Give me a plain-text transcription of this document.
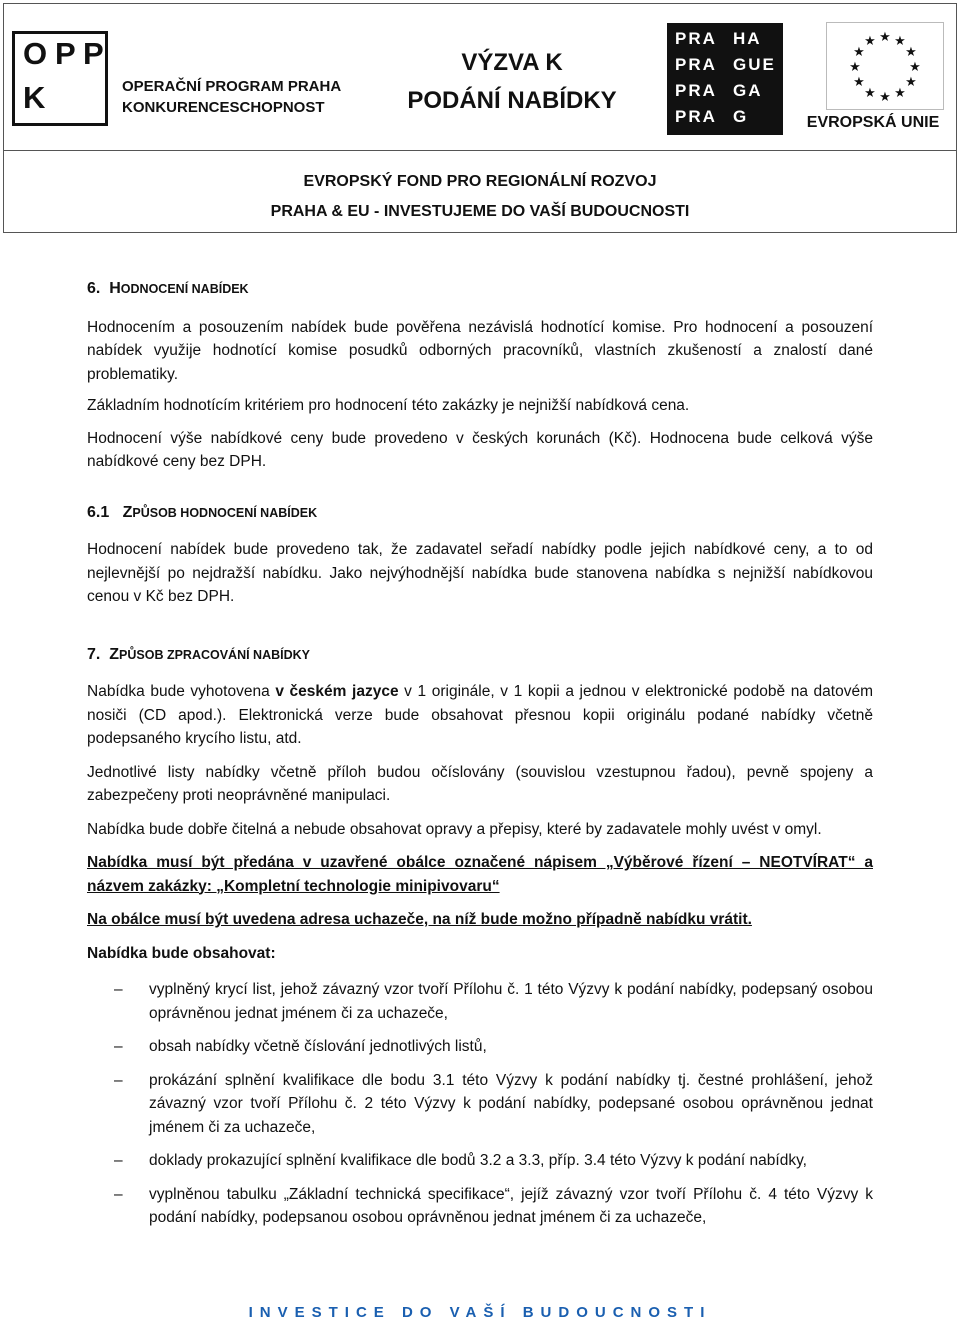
O P P
K	OPERAČNÍ PROGRAM PRAHA
KONKURENCESCHOPNOST
VÝZVA K
PODÁNÍ NABÍDKY
PRA HA
PRA GUE
PRA GA
PRA G
★ ★
★
★
★
★
★
★
★
★
★
★
EVROPSKÁ UNIE
EVROPSKÝ FOND PRO REGIONÁLNÍ ROZVOJ
PRAHA & EU - INVESTUJEME DO VAŠÍ BUDOUCNOSTI
6. HODNOCENÍ NABÍDEK

Hodnocením a posouzením nabídek bude pověřena nezávislá hodnotící komise. Pro hodnocení a posouzení nabídek využije hodnotící komise posudků odborných pracovníků, vlastních zkušeností a znalostí dané problematiky.

Základním hodnotícím kritériem pro hodnocení této zakázky je nejnižší nabídková cena.

Hodnocení výše nabídkové ceny bude provedeno v českých korunách (Kč). Hodnocena bude celková výše nabídkové ceny bez DPH.

6.1 ZPŮSOB HODNOCENÍ NABÍDEK

Hodnocení nabídek bude provedeno tak, že zadavatel seřadí nabídky podle jejich nabídkové ceny, a to od nejlevnější po nejdražší nabídku. Jako nejvýhodnější nabídka bude stanovena nabídka s nejnižší nabídkovou cenou v Kč bez DPH.

7. ZPŮSOB ZPRACOVÁNÍ NABÍDKY

Nabídka bude vyhotovena v českém jazyce v 1 originále, v 1 kopii a jednou v elektronické podobě na datovém nosiči (CD apod.). Elektronická verze bude obsahovat přesnou kopii originálu podané nabídky včetně podepsaného krycího listu, atd.

Jednotlivé listy nabídky včetně příloh budou očíslovány (souvislou vzestupnou řadou), pevně spojeny a zabezpečeny proti neoprávněné manipulaci.

Nabídka bude dobře čitelná a nebude obsahovat opravy a přepisy, které by zadavatele mohly uvést v omyl.

Nabídka musí být předána v uzavřené obálce označené nápisem „Výběrové řízení – NEOTVÍRAT“ a názvem zakázky: „Kompletní technologie minipivovaru“

Na obálce musí být uvedena adresa uchazeče, na níž bude možno případně nabídku vrátit.

Nabídka bude obsahovat:

– vyplněný krycí list, jehož závazný vzor tvoří Přílohu č. 1 této Výzvy k podání nabídky, podepsaný osobou oprávněnou jednat jménem či za uchazeče,

– obsah nabídky včetně číslování jednotlivých listů,

– prokázání splnění kvalifikace dle bodu 3.1 této Výzvy k podání nabídky tj. čestné prohlášení, jehož závazný vzor tvoří Přílohu č. 2 této Výzvy k podání nabídky, podepsané osobou oprávněnou jednat jménem či za uchazeče,

– doklady prokazující splnění kvalifikace dle bodů 3.2 a 3.3, příp. 3.4 této Výzvy k podání nabídky,

– vyplněnou tabulku „Základní technická specifikace“, jejíž závazný vzor tvoří Přílohu č. 4 této Výzvy k podání nabídky, podepsanou osobou oprávněnou jednat jménem či za uchazeče,

INVESTICE DO VAŠÍ BUDOUCNOSTI
